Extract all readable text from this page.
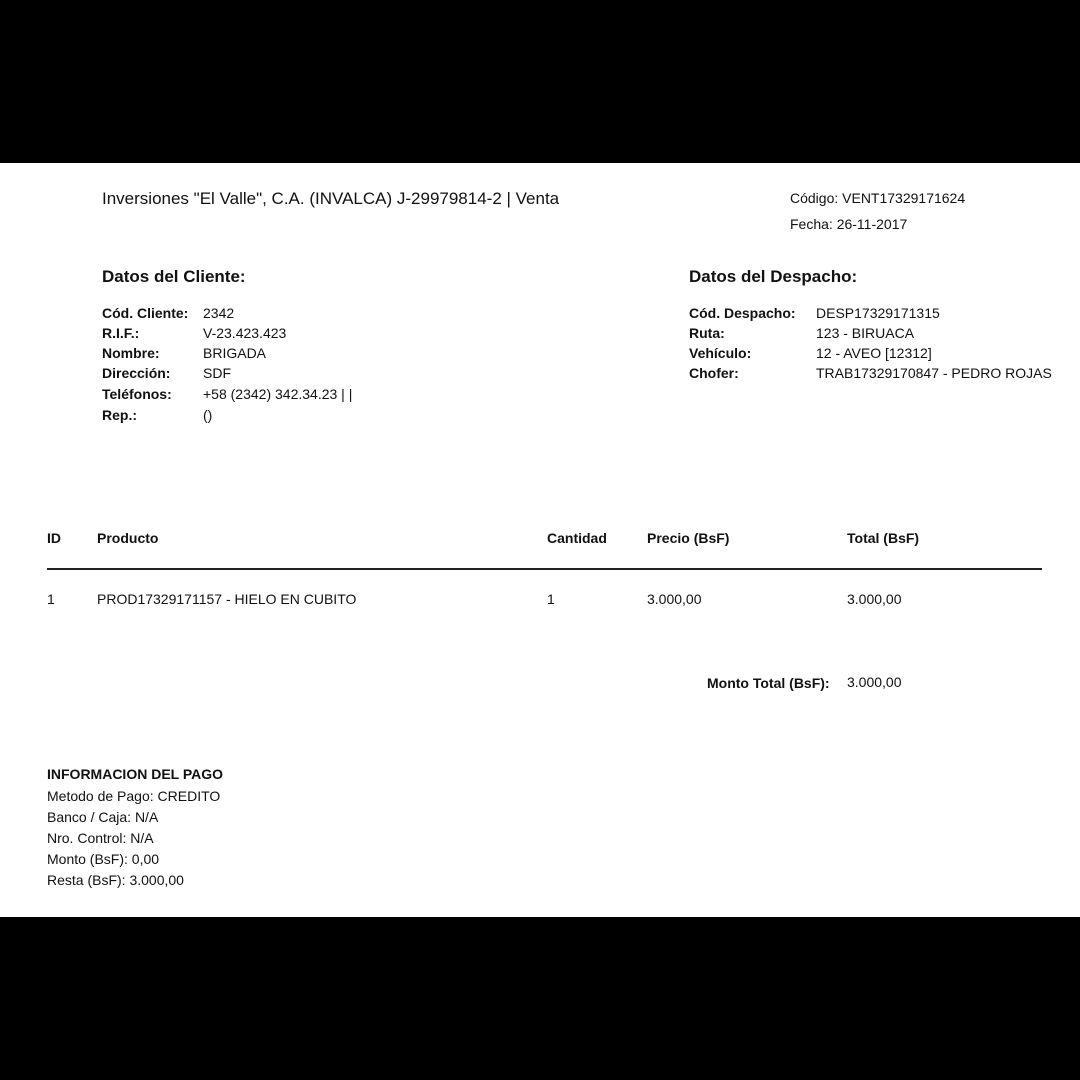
Inversiones "El Valle", C.A. (INVALCA) J-29979814-2 | Venta	Código: VENT17329171624
Fecha: 26-11-2017
Datos del Cliente:
Cód. Cliente: 2342
R.I.F.:	V-23.423.423
Nombre:	BRIGADA
Dirección: SDF
Teléfonos: +58 (2342) 342.34.23 | |
Rep.:	()
Datos del Despacho:
Cód. Despacho: DESP17329171315
Ruta:	123 - BIRUACA
Vehículo:	12 - AVEO [12312]
Chofer:	TRAB17329170847 - PEDRO ROJAS
ID	Producto	Cantidad	Precio (BsF)	Total (BsF)
1	PROD17329171157 - HIELO EN CUBITO	1	3.000,00	3.000,00
Monto Total (BsF): 3.000,00
INFORMACION DEL PAGO
Metodo de Pago: CREDITO
Banco / Caja: N/A
Nro. Control: N/A
Monto (BsF): 0,00
Resta (BsF): 3.000,00
